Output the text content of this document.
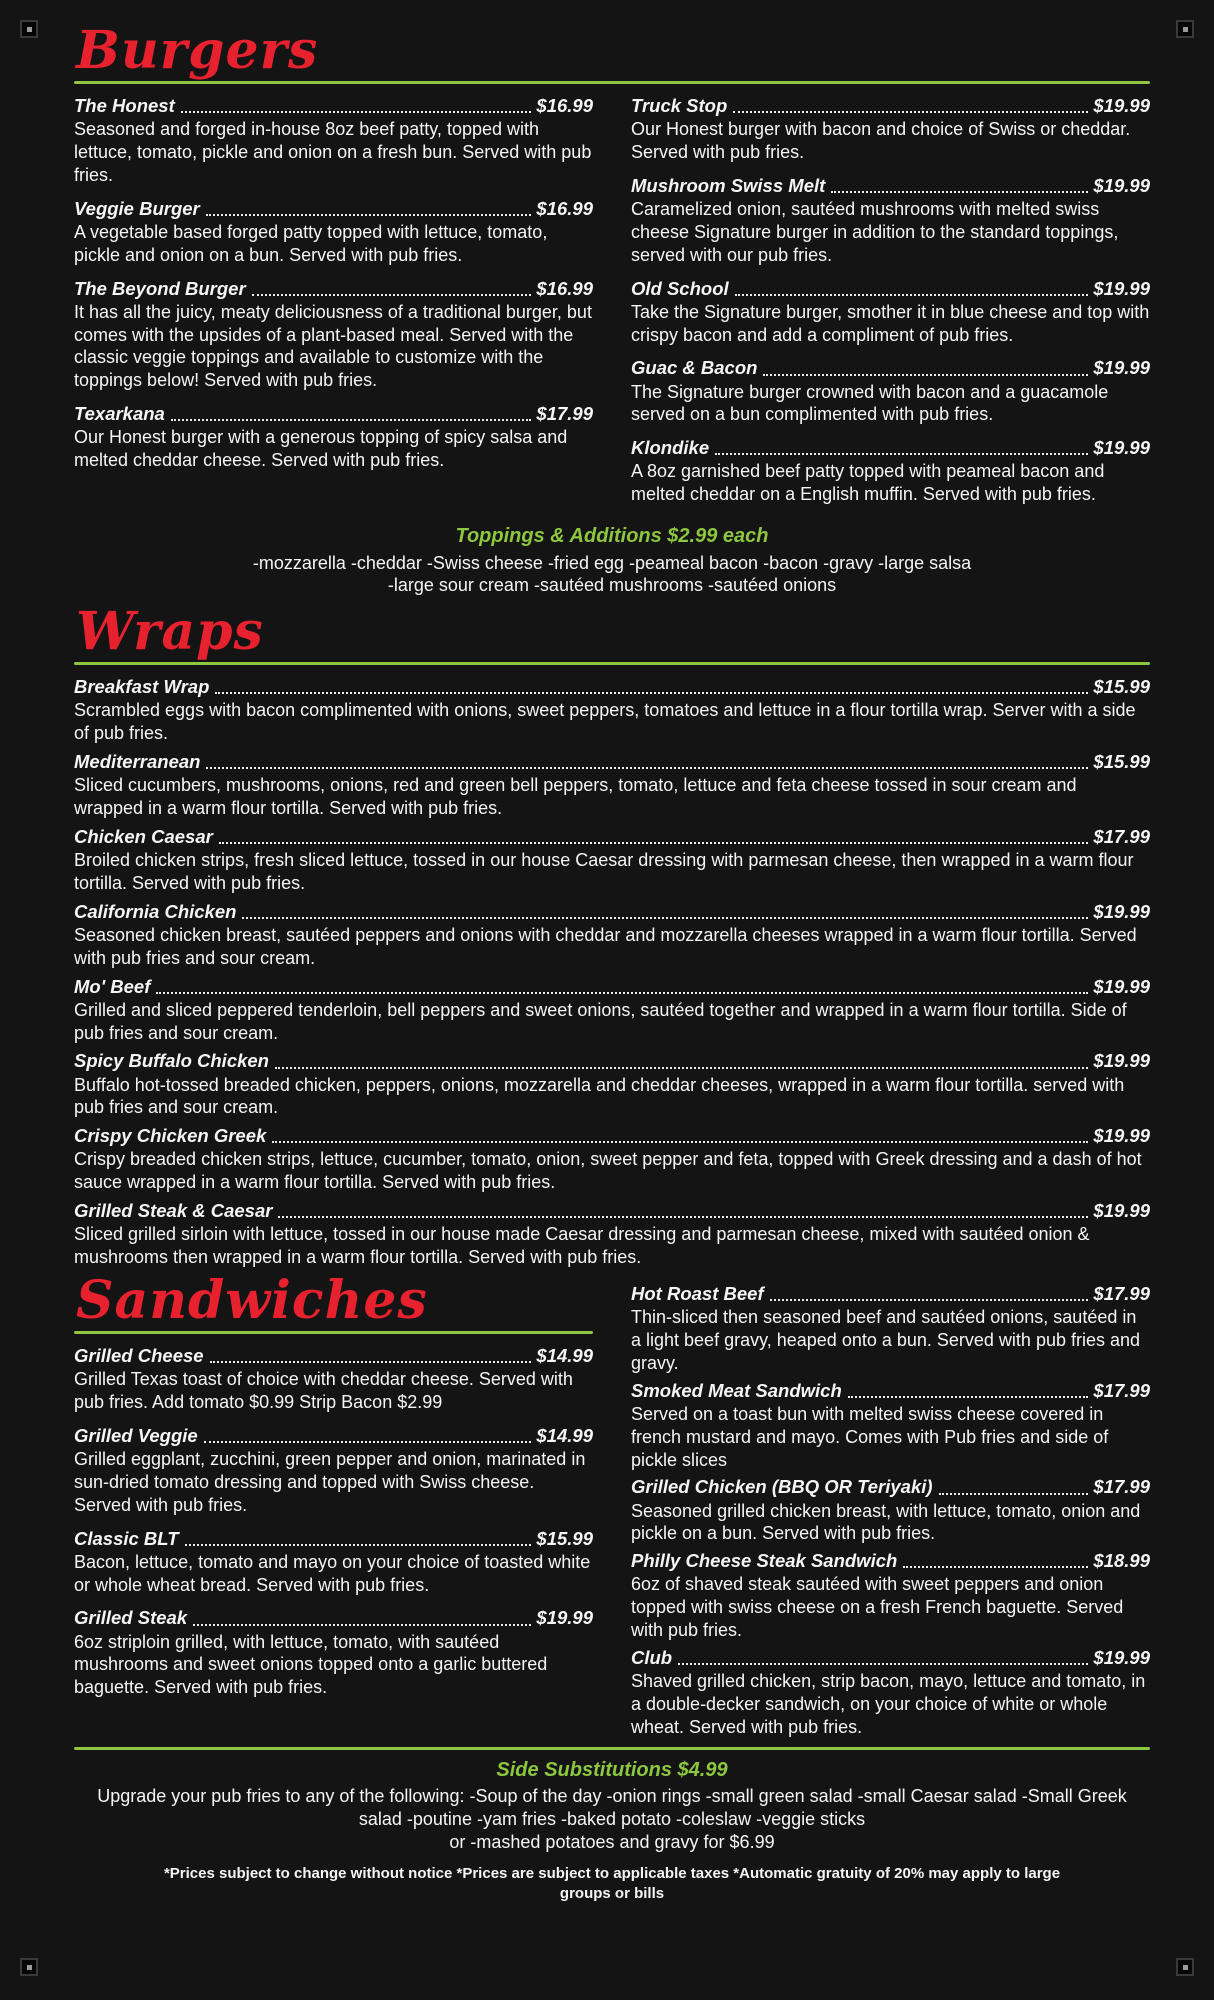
Burgers
The Honest	$16.99

Seasoned and forged in-house 8oz beef patty, topped with lettuce, tomato, pickle and onion on a fresh bun. Served with pub fries.

Veggie Burger	$16.99

A vegetable based forged patty topped with lettuce, tomato, pickle and onion on a bun. Served with pub fries.

The Beyond Burger	$16.99

It has all the juicy, meaty deliciousness of a traditional burger, but comes with the upsides of a plant-based meal. Served with the classic veggie toppings and available to customize with the toppings below! Served with pub fries.

Texarkana	$17.99

Our Honest burger with a generous topping of spicy salsa and melted cheddar cheese. Served with pub fries.

Truck Stop	$19.99

Our Honest burger with bacon and choice of Swiss or cheddar. Served with pub fries.

Mushroom Swiss Melt	$19.99

Caramelized onion, sautéed mushrooms with melted swiss cheese Signature burger in addition to the standard toppings, served with our pub fries.

Old School	$19.99

Take the Signature burger, smother it in blue cheese and top with crispy bacon and add a compliment of pub fries.

Guac & Bacon	$19.99

The Signature burger crowned with bacon and a guacamole served on a bun complimented with pub fries.

Klondike	$19.99

A 8oz garnished beef patty topped with peameal bacon and melted cheddar on a English muffin. Served with pub fries.

Toppings & Additions $2.99 each
-mozzarella -cheddar -Swiss cheese -fried egg -peameal bacon -bacon -gravy -large salsa
-large sour cream -sautéed mushrooms -sautéed onions
Wraps
Breakfast Wrap	$15.99

Scrambled eggs with bacon complimented with onions, sweet peppers, tomatoes and lettuce in a flour tortilla wrap. Server with a side of pub fries.

Mediterranean	$15.99

Sliced cucumbers, mushrooms, onions, red and green bell peppers, tomato, lettuce and feta cheese tossed in sour cream and wrapped in a warm flour tortilla. Served with pub fries.

Chicken Caesar	$17.99

Broiled chicken strips, fresh sliced lettuce, tossed in our house Caesar dressing with parmesan cheese, then wrapped in a warm flour tortilla. Served with pub fries.

California Chicken	$19.99

Seasoned chicken breast, sautéed peppers and onions with cheddar and mozzarella cheeses wrapped in a warm flour tortilla. Served with pub fries and sour cream.

Mo' Beef	$19.99

Grilled and sliced peppered tenderloin, bell peppers and sweet onions, sautéed together and wrapped in a warm flour tortilla. Side of pub fries and sour cream.

Spicy Buffalo Chicken	$19.99

Buffalo hot-tossed breaded chicken, peppers, onions, mozzarella and cheddar cheeses, wrapped in a warm flour tortilla. served with pub fries and sour cream.

Crispy Chicken Greek	$19.99

Crispy breaded chicken strips, lettuce, cucumber, tomato, onion, sweet pepper and feta, topped with Greek dressing and a dash of hot sauce wrapped in a warm flour tortilla. Served with pub fries.

Grilled Steak & Caesar	$19.99

Sliced grilled sirloin with lettuce, tossed in our house made Caesar dressing and parmesan cheese, mixed with sautéed onion & mushrooms then wrapped in a warm flour tortilla. Served with pub fries.

Sandwiches
Grilled Cheese	$14.99

Grilled Texas toast of choice with cheddar cheese. Served with pub fries. Add tomato $0.99 Strip Bacon $2.99

Grilled Veggie	$14.99

Grilled eggplant, zucchini, green pepper and onion, marinated in sun-dried tomato dressing and topped with Swiss cheese. Served with pub fries.

Classic BLT	$15.99

Bacon, lettuce, tomato and mayo on your choice of toasted white or whole wheat bread. Served with pub fries.

Grilled Steak	$19.99

6oz striploin grilled, with lettuce, tomato, with sautéed mushrooms and sweet onions topped onto a garlic buttered baguette. Served with pub fries.

Hot Roast Beef	$17.99

Thin-sliced then seasoned beef and sautéed onions, sautéed in a light beef gravy, heaped onto a bun. Served with pub fries and gravy.

Smoked Meat Sandwich	$17.99

Served on a toast bun with melted swiss cheese covered in french mustard and mayo. Comes with Pub fries and side of pickle slices

Grilled Chicken (BBQ OR Teriyaki)	$17.99

Seasoned grilled chicken breast, with lettuce, tomato, onion and pickle on a bun. Served with pub fries.

Philly Cheese Steak Sandwich	$18.99

6oz of shaved steak sautéed with sweet peppers and onion topped with swiss cheese on a fresh French baguette. Served with pub fries.

Club	$19.99

Shaved grilled chicken, strip bacon, mayo, lettuce and tomato, in a double-decker sandwich, on your choice of white or whole wheat. Served with pub fries.

Side Substitutions $4.99
Upgrade your pub fries to any of the following: -Soup of the day -onion rings -small green salad -small Caesar salad -Small Greek salad -poutine -yam fries -baked potato -coleslaw -veggie sticks
or -mashed potatoes and gravy for $6.99
*Prices subject to change without notice *Prices are subject to applicable taxes *Automatic gratuity of 20% may apply to large groups or bills
